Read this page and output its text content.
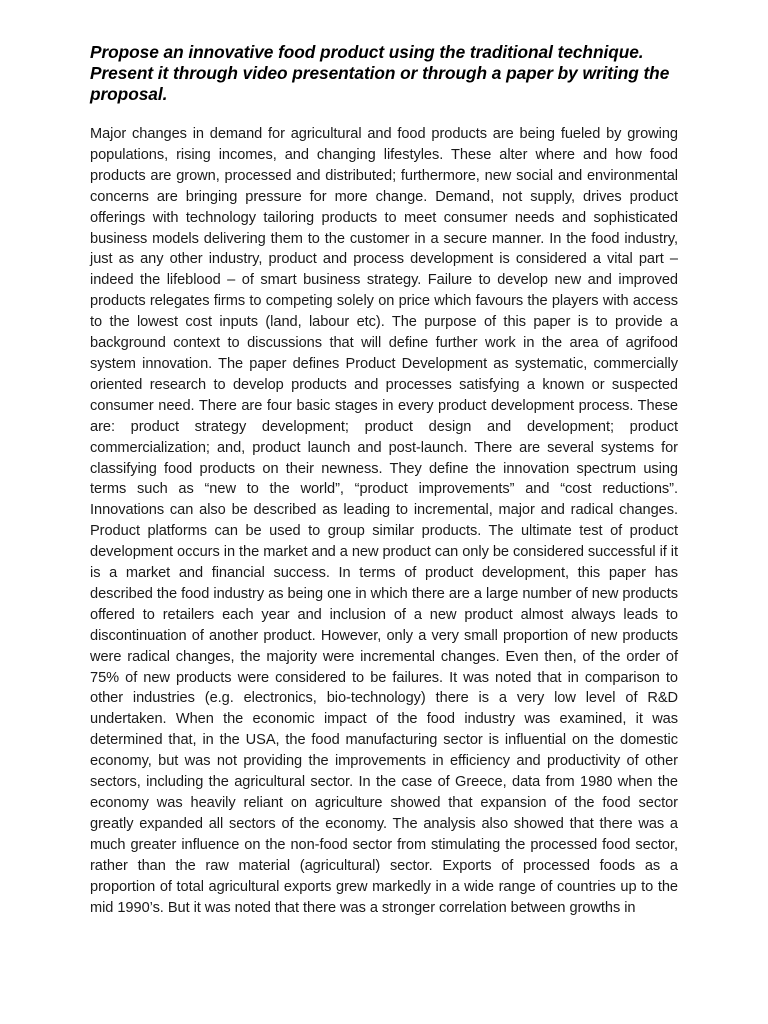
Propose an innovative food product using the traditional technique. Present it through video presentation or through a paper by writing the proposal.

Major changes in demand for agricultural and food products are being fueled by growing populations, rising incomes, and changing lifestyles. These alter where and how food products are grown, processed and distributed; furthermore, new social and environmental concerns are bringing pressure for more change. Demand, not supply, drives product offerings with technology tailoring products to meet consumer needs and sophisticated business models delivering them to the customer in a secure manner. In the food industry, just as any other industry, product and process development is considered a vital part – indeed the lifeblood – of smart business strategy. Failure to develop new and improved products relegates firms to competing solely on price which favours the players with access to the lowest cost inputs (land, labour etc). The purpose of this paper is to provide a background context to discussions that will define further work in the area of agrifood system innovation. The paper defines Product Development as systematic, commercially oriented research to develop products and processes satisfying a known or suspected consumer need. There are four basic stages in every product development process. These are: product strategy development; product design and development; product commercialization; and, product launch and post-launch. There are several systems for classifying food products on their newness. They define the innovation spectrum using terms such as “new to the world”, “product improvements” and “cost reductions”. Innovations can also be described as leading to incremental, major and radical changes. Product platforms can be used to group similar products. The ultimate test of product development occurs in the market and a new product can only be considered successful if it is a market and financial success. In terms of product development, this paper has described the food industry as being one in which there are a large number of new products offered to retailers each year and inclusion of a new product almost always leads to discontinuation of another product. However, only a very small proportion of new products were radical changes, the majority were incremental changes. Even then, of the order of 75% of new products were considered to be failures. It was noted that in comparison to other industries (e.g. electronics, bio-technology) there is a very low level of R&D undertaken. When the economic impact of the food industry was examined, it was determined that, in the USA, the food manufacturing sector is influential on the domestic economy, but was not providing the improvements in efficiency and productivity of other sectors, including the agricultural sector. In the case of Greece, data from 1980 when the economy was heavily reliant on agriculture showed that expansion of the food sector greatly expanded all sectors of the economy. The analysis also showed that there was a much greater influence on the non-food sector from stimulating the processed food sector, rather than the raw material (agricultural) sector. Exports of processed foods as a proportion of total agricultural exports grew markedly in a wide range of countries up to the mid 1990’s. But it was noted that there was a stronger correlation between growths in
